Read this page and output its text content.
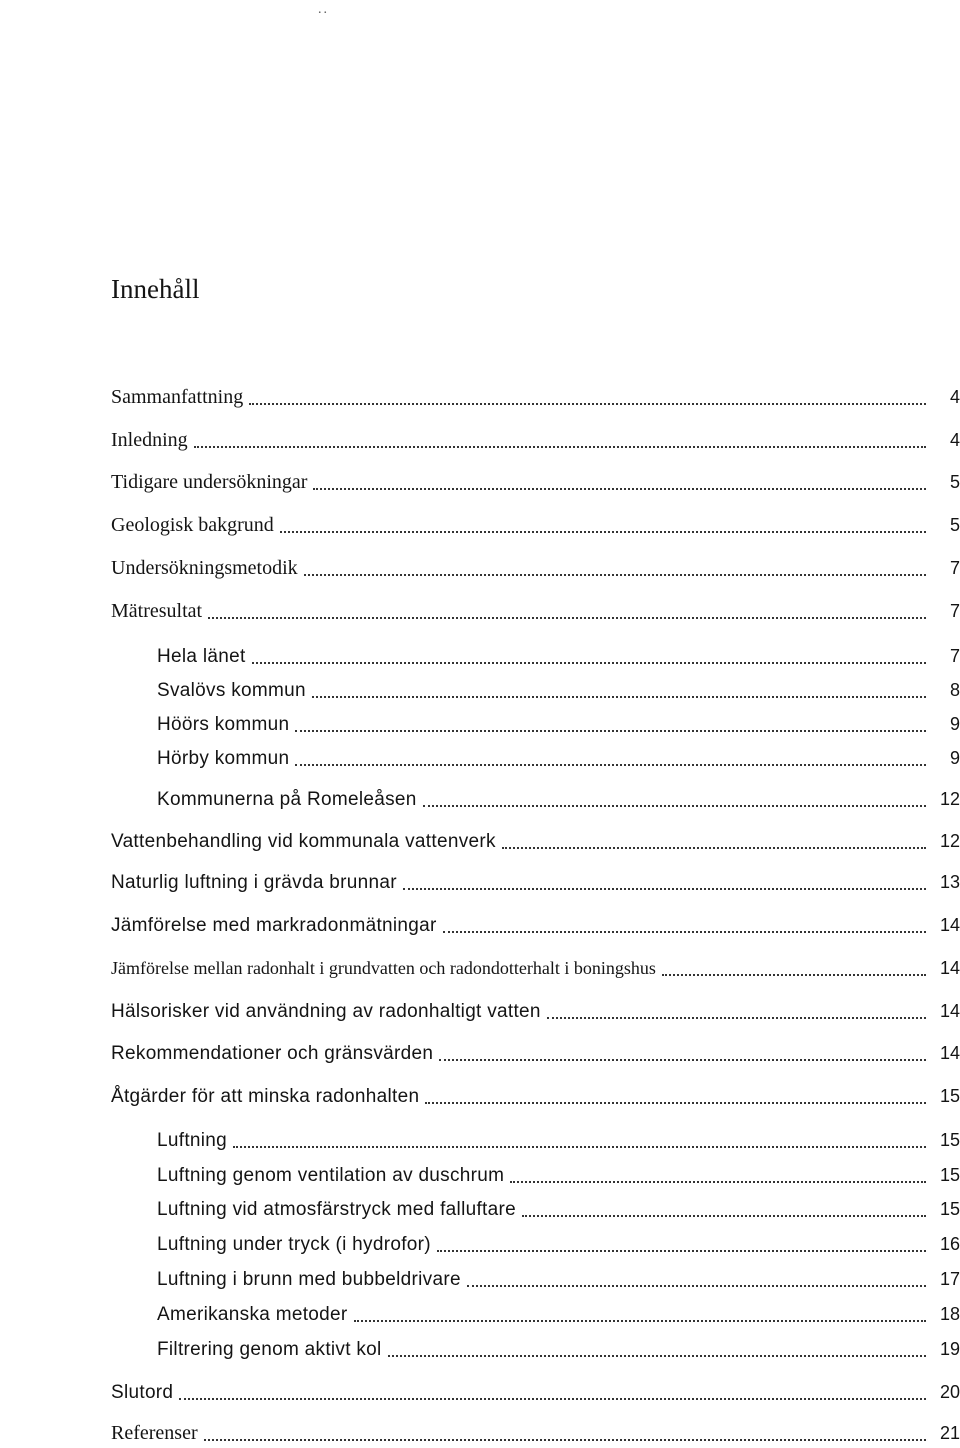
..
Innehåll
Sammanfattning	4
Inledning	4
Tidigare undersökningar	5
Geologisk bakgrund	5
Undersökningsmetodik	7
Mätresultat	7
Hela länet	7
Svalövs kommun	8
Höörs kommun	9
Hörby kommun	9
Kommunerna på Romeleåsen	12
Vattenbehandling vid kommunala vattenverk	12
Naturlig luftning i grävda brunnar	13
Jämförelse med markradonmätningar	14
Jämförelse mellan radonhalt i grundvatten och radondotterhalt i boningshus	14
Hälsorisker vid användning av radonhaltigt vatten	14
Rekommendationer och gränsvärden	14
Åtgärder för att minska radonhalten	15
Luftning	15
Luftning genom ventilation av duschrum	15
Luftning vid atmosfärstryck med falluftare	15
Luftning under tryck (i hydrofor)	16
Luftning i brunn med bubbeldrivare	17
Amerikanska metoder	18
Filtrering genom aktivt kol	19
Slutord	20
Referenser	21
